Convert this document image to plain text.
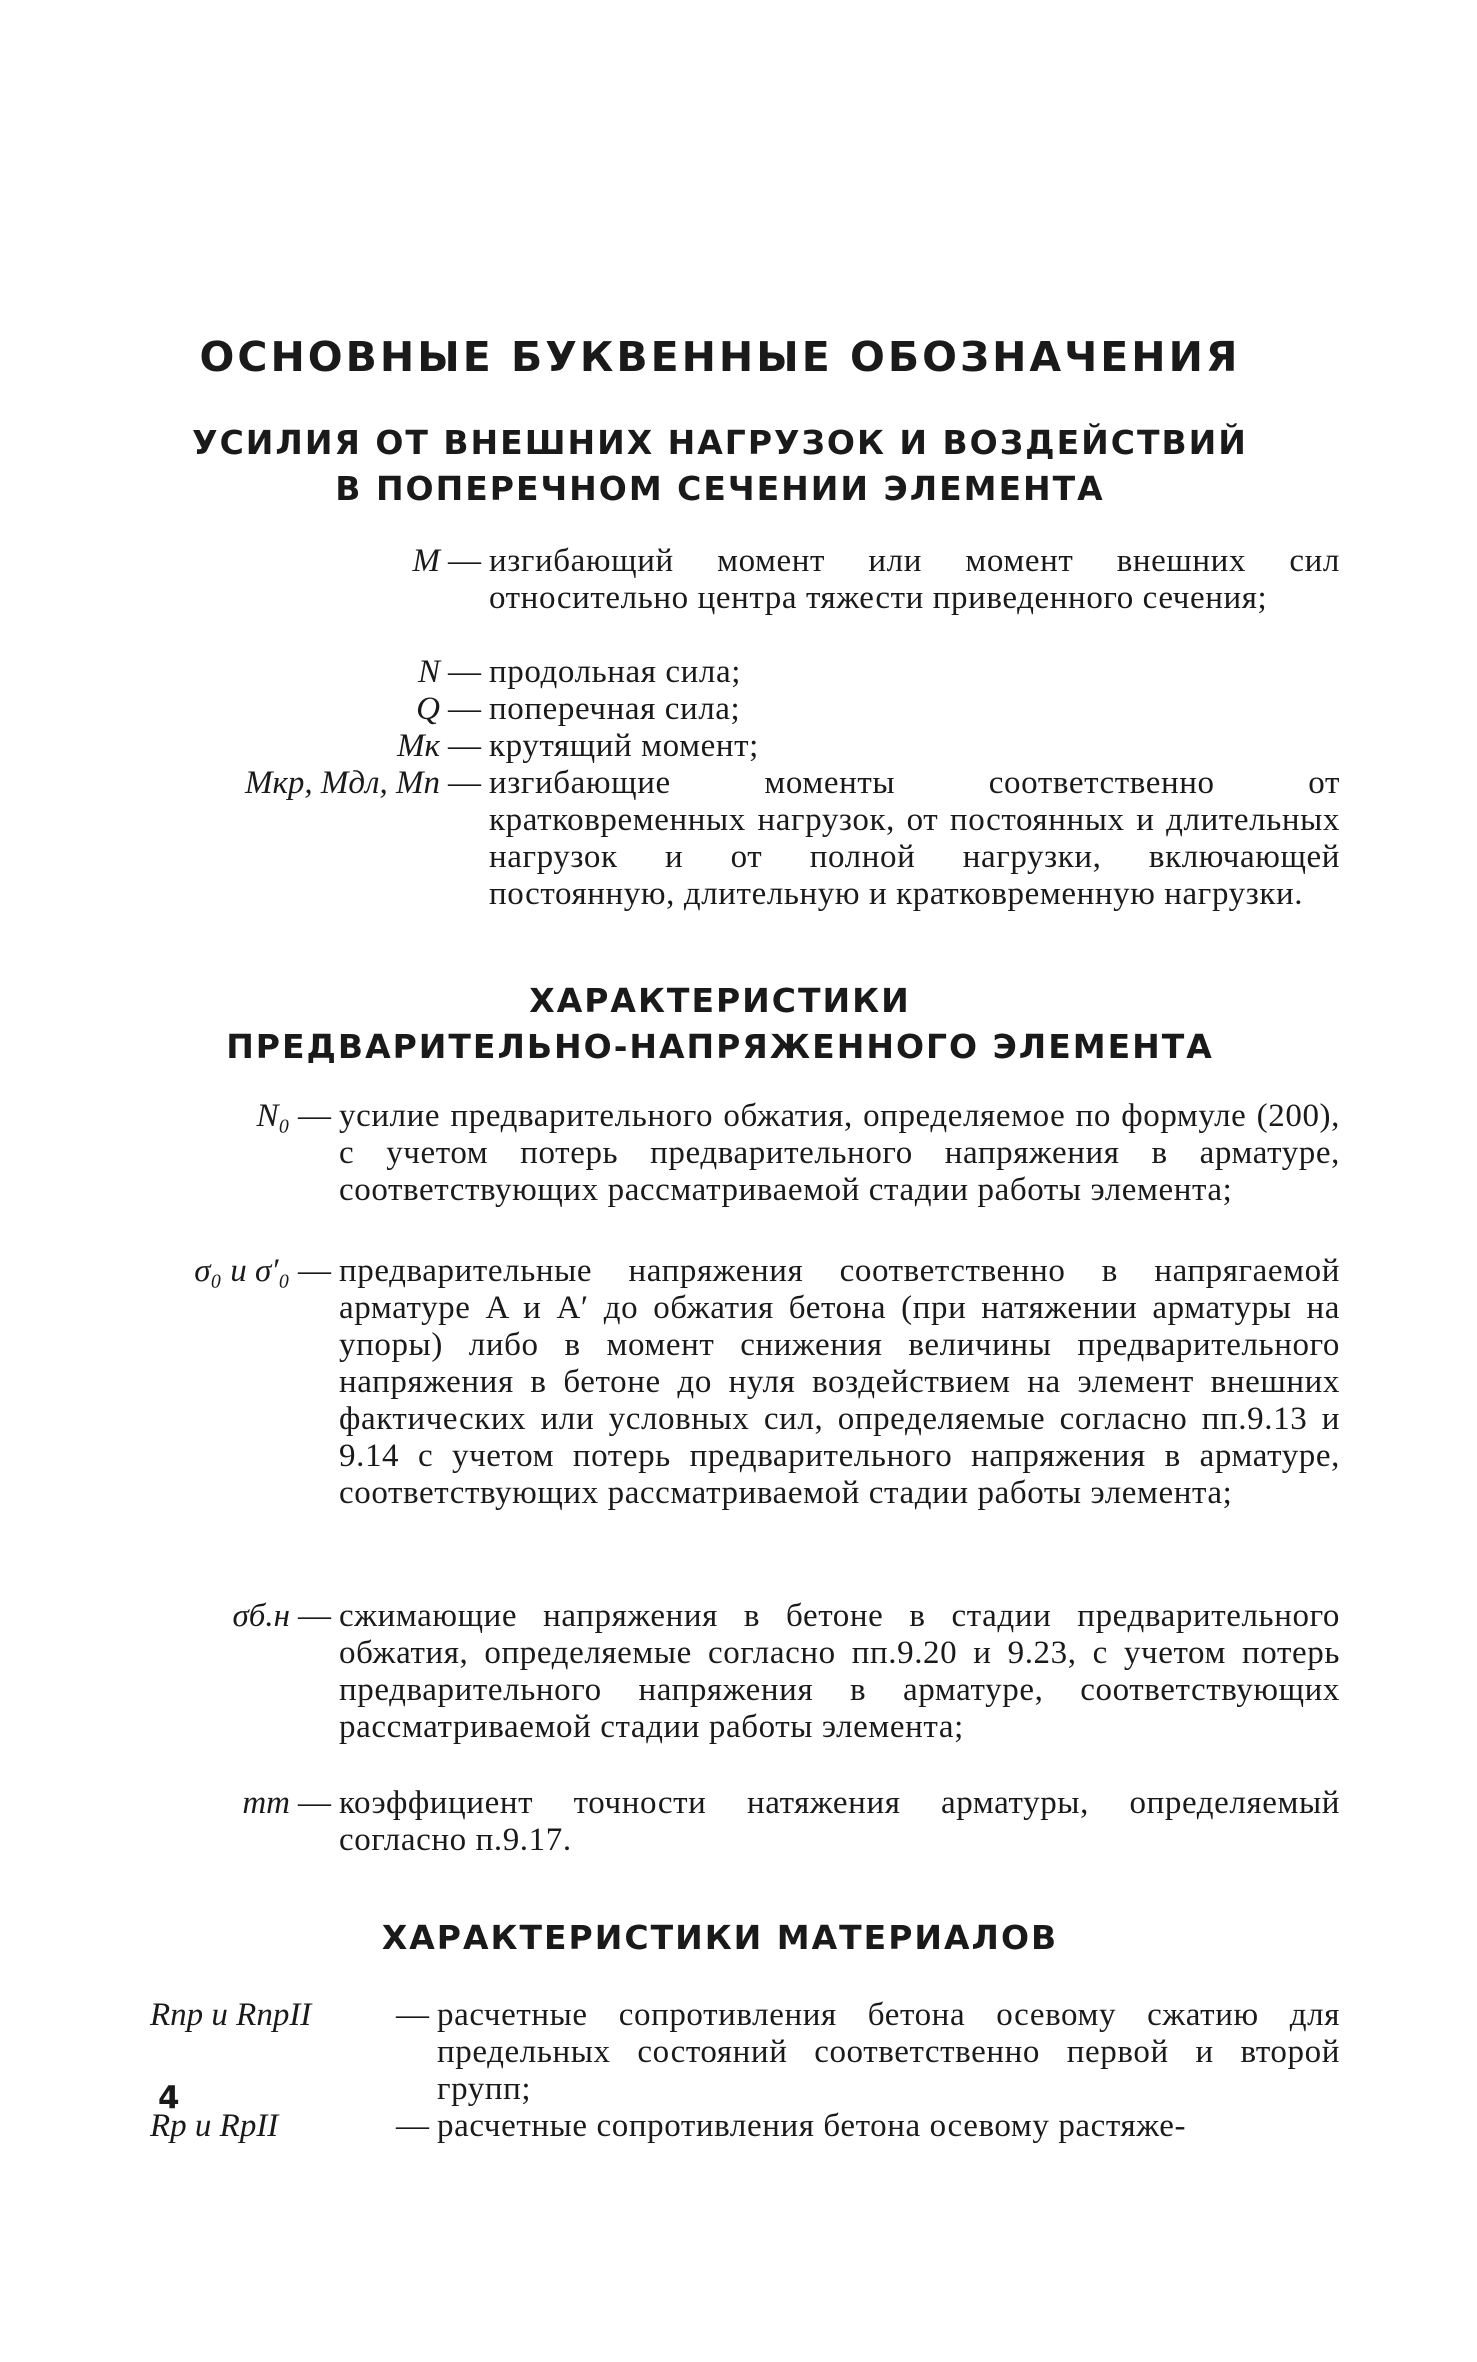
ОСНОВНЫЕ БУКВЕННЫЕ ОБОЗНАЧЕНИЯ
УСИЛИЯ ОТ ВНЕШНИХ НАГРУЗОК И ВОЗДЕЙСТВИЙ
В ПОПЕРЕЧНОМ СЕЧЕНИИ ЭЛЕМЕНТА
M — изгибающий момент или момент внешних сил относительно центра тяжести приведенного сечения;
N — продольная сила;
Q — поперечная сила;
Mк — крутящий момент;
Mкр, Mдл, Mп — изгибающие моменты соответственно от кратковременных нагрузок, от постоянных и длительных нагрузок и от полной нагрузки, включающей постоянную, длительную и кратковременную нагрузки.
ХАРАКТЕРИСТИКИ
ПРЕДВАРИТЕЛЬНО-НАПРЯЖЕННОГО ЭЛЕМЕНТА
N₀ — усилие предварительного обжатия, определяемое по формуле (200), с учетом потерь предварительного напряжения в арматуре, соответствующих рассматриваемой стадии работы элемента;
σ₀ и σ′₀ — предварительные напряжения соответственно в напрягаемой арматуре A и A′ до обжатия бетона (при натяжении арматуры на упоры) либо в момент снижения величины предварительного напряжения в бетоне до нуля воздействием на элемент внешних фактических или условных сил, определяемые согласно пп.9.13 и 9.14 с учетом потерь предварительного напряжения в арматуре, соответствующих рассматриваемой стадии работы элемента;
σб.н — сжимающие напряжения в бетоне в стадии предварительного обжатия, определяемые согласно пп.9.20 и 9.23, с учетом потерь предварительного напряжения в арматуре, соответствующих рассматриваемой стадии работы элемента;
mт — коэффициент точности натяжения арматуры, определяемый согласно п.9.17.
ХАРАКТЕРИСТИКИ МАТЕРИАЛОВ
Rпр и RпрII	— расчетные сопротивления бетона осевому сжатию для предельных состояний соответственно первой и второй групп;
Rр и RрII	— расчетные сопротивления бетона осевому растяже-
4
